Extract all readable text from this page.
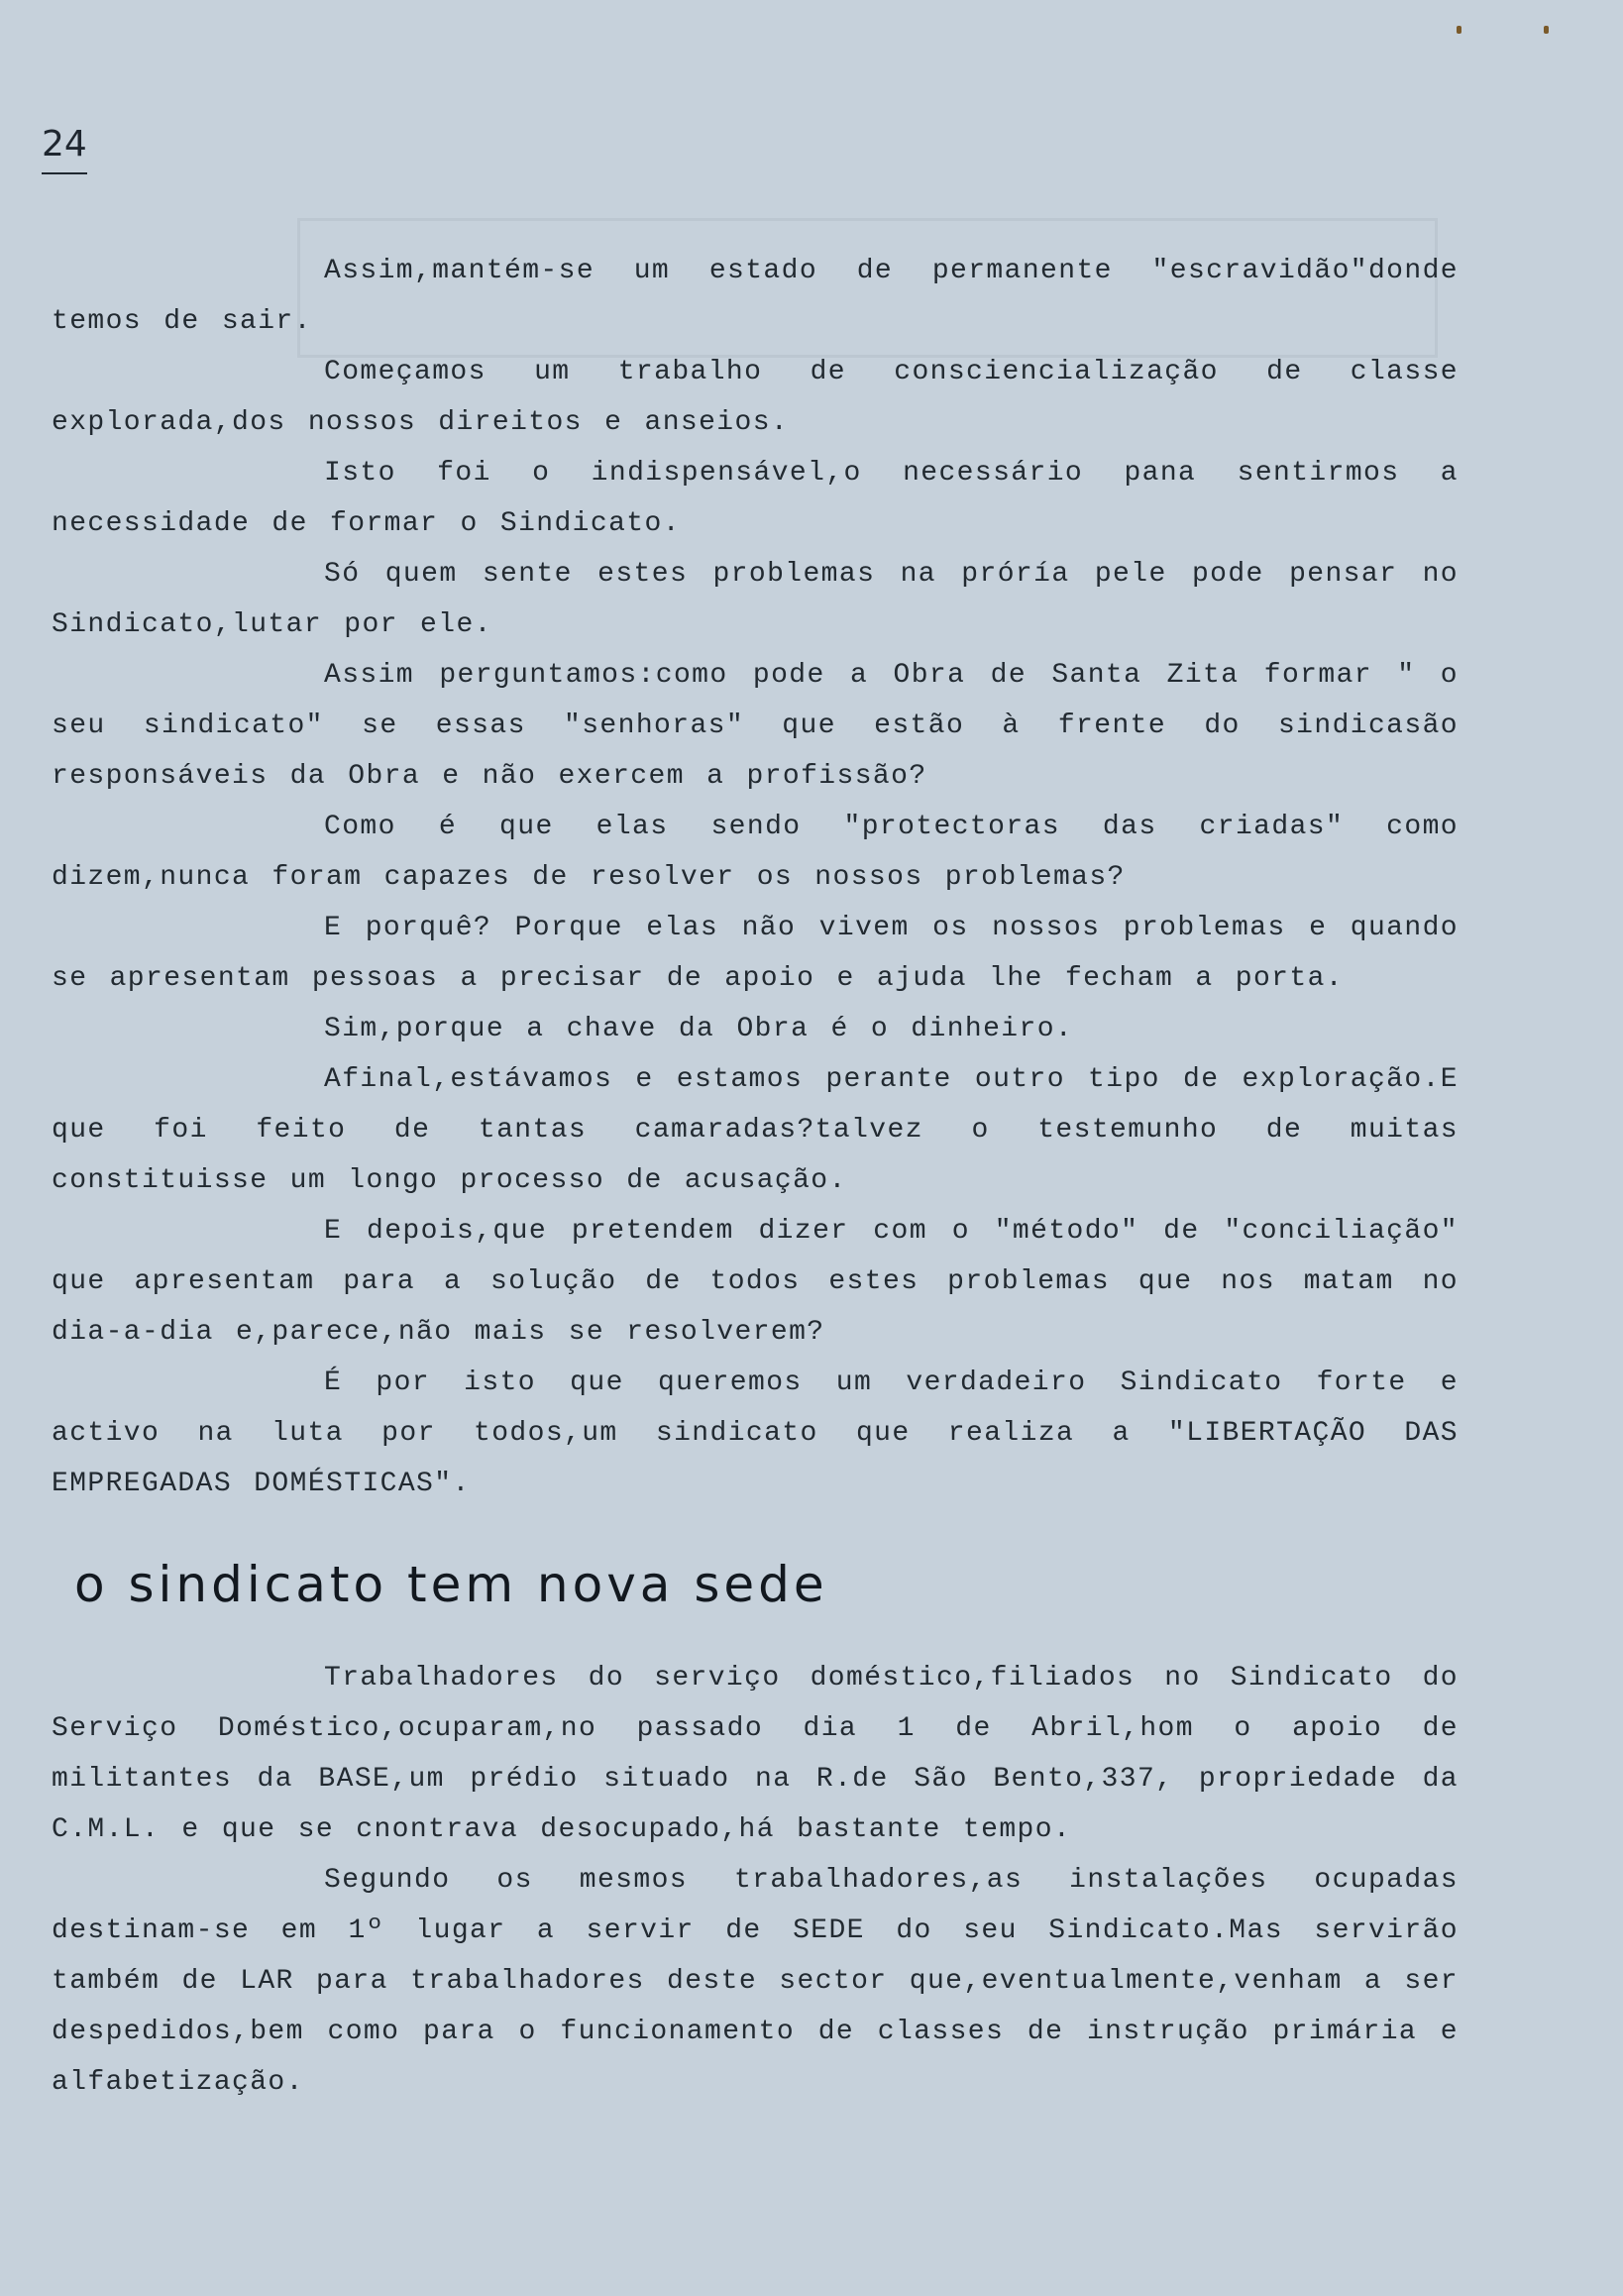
24

Assim,mantém-se um estado de permanente "escravidão"donde temos de sair.

Começamos um trabalho de consciencialização de classe explorada,dos nossos direitos e anseios.

Isto foi o indispensável,o necessário pana sentirmos a necessidade de formar o Sindicato.

Só quem sente estes problemas na próría pele pode pensar no Sindicato,lutar por ele.

Assim perguntamos:como pode a Obra de Santa Zita formar " o seu sindicato" se essas "senhoras" que estão à frente do sindicasão responsáveis da Obra e não exercem a profissão?

Como é que elas sendo "protectoras das criadas" como dizem,nunca foram capazes de resolver os nossos problemas?

E porquê? Porque elas não vivem os nossos problemas e quando se apresentam pessoas a precisar de apoio e ajuda lhe fecham a porta.

Sim,porque a chave da Obra é o dinheiro.

Afinal,estávamos e estamos perante outro tipo de exploração.E que foi feito de tantas camaradas?talvez o testemunho de muitas constituisse um longo processo de acusação.

E depois,que pretendem dizer com o "método" de "conciliação" que apresentam para a solução de todos estes problemas que nos matam no dia-a-dia e,parece,não mais se resolverem?

É por isto que queremos um verdadeiro Sindicato forte e activo na luta por todos,um sindicato que realiza a "LIBERTAÇÃO DAS EMPREGADAS DOMÉSTICAS".

o sindicato tem nova sede

Trabalhadores do serviço doméstico,filiados no Sindicato do Serviço Doméstico,ocuparam,no passado dia 1 de Abril,hom o apoio de militantes da BASE,um prédio situado na R.de São Bento,337, propriedade da C.M.L. e que se cnontrava desocupado,há bastante tempo.

Segundo os mesmos trabalhadores,as instalações ocupadas destinam-se em 1º lugar a servir de SEDE do seu Sindicato.Mas servirão também de LAR para trabalhadores deste sector que,eventualmente,venham a ser despedidos,bem como para o funcionamento de classes de instrução primária e alfabetização.
